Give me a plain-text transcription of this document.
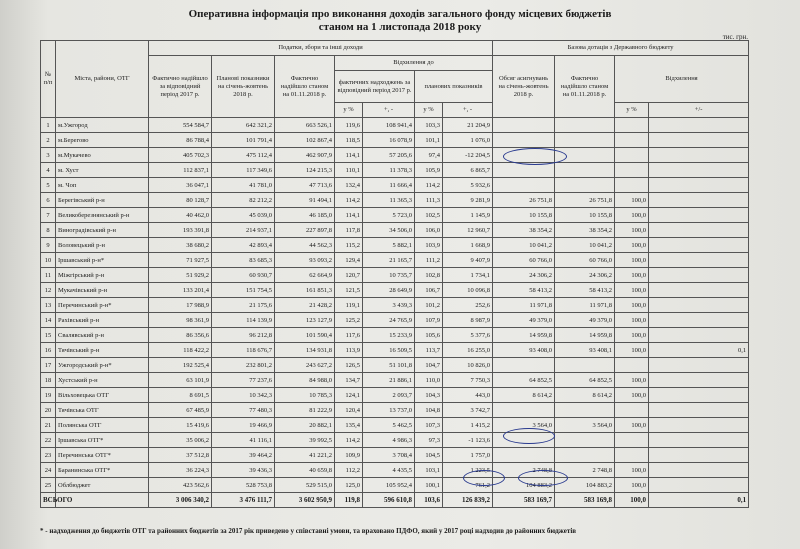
Оперативна інформація про виконання доходів загального фонду місцевих бюджетів
станом на 1 листопада 2018 року
тис. грн.
№ п/п	Міста, райони, ОТГ	Податки, збори та інші доходи							Базова дотація з Державного бюджету			
		Фактично надійшло за відповідний період 2017 р.	Планові показники на січень-жовтень 2018 р.	Фактично надійшло станом на 01.11.2018 р.	Відхилення до				Обсяг асигнувань на січень-жовтень 2018 р.	Фактично надійшло станом на 01.11.2018 р.	Відхилення	
					фактичних надходжень за відповідний період 2017 р.		планових показників					
					у %	+, -	у %	+, -			у %	+/-
1	м.Ужгород	554 584,7	642 321,2	663 526,1	119,6	108 941,4	103,3	21 204,9				
2	м.Берегово	86 788,4	101 791,4	102 867,4	118,5	16 078,9	101,1	1 076,0				
3	м.Мукачево	405 702,3	475 112,4	462 907,9	114,1	57 205,6	97,4	-12 204,5				
4	м. Хуст	112 837,1	117 349,6	124 215,3	110,1	11 378,3	105,9	6 865,7				
5	м. Чоп	36 047,1	41 781,0	47 713,6	132,4	11 666,4	114,2	5 932,6				
6	Берегівський р-н	80 128,7	82 212,2	91 494,1	114,2	11 365,3	111,3	9 281,9	26 751,8	26 751,8	100,0	
7	Великоберезнянський р-н	40 462,0	45 039,0	46 185,0	114,1	5 723,0	102,5	1 145,9	10 155,8	10 155,8	100,0	
8	Виноградівський р-н	193 391,8	214 937,1	227 897,8	117,8	34 506,0	106,0	12 960,7	38 354,2	38 354,2	100,0	
9	Воловецький р-н	38 680,2	42 893,4	44 562,3	115,2	5 882,1	103,9	1 668,9	10 041,2	10 041,2	100,0	
10	Іршавський р-н*	71 927,5	83 685,3	93 093,2	129,4	21 165,7	111,2	9 407,9	60 766,0	60 766,0	100,0	
11	Міжгірський р-н	51 929,2	60 930,7	62 664,9	120,7	10 735,7	102,8	1 734,1	24 306,2	24 306,2	100,0	
12	Мукачівський р-н	133 201,4	151 754,5	161 851,3	121,5	28 649,9	106,7	10 096,8	58 413,2	58 413,2	100,0	
13	Перечинський р-н*	17 988,9	21 175,6	21 428,2	119,1	3 439,3	101,2	252,6	11 971,8	11 971,8	100,0	
14	Рахівський р-н	98 361,9	114 139,9	123 127,9	125,2	24 765,9	107,9	8 987,9	49 379,0	49 379,0	100,0	
15	Свалявський р-н	86 356,6	96 212,8	101 590,4	117,6	15 233,9	105,6	5 377,6	14 959,8	14 959,8	100,0	
16	Тячівський р-н	118 422,2	118 676,7	134 931,8	113,9	16 509,5	113,7	16 255,0	93 408,0	93 408,1	100,0	0,1
17	Ужгородський р-н*	192 525,4	232 801,2	243 627,2	126,5	51 101,8	104,7	10 826,0				
18	Хустський р-н	63 101,9	77 237,6	84 988,0	134,7	21 886,1	110,0	7 750,3	64 852,5	64 852,5	100,0	
19	Вільховецька ОТГ	8 691,5	10 342,3	10 785,3	124,1	2 093,7	104,3	443,0	8 614,2	8 614,2	100,0	
20	Тячівська ОТГ	67 485,9	77 480,3	81 222,9	120,4	13 737,0	104,8	3 742,7				
21	Полянська ОТГ	15 419,6	19 466,9	20 882,1	135,4	5 462,5	107,3	1 415,2	3 564,0	3 564,0	100,0	
22	Іршавська ОТГ*	35 006,2	41 116,1	39 992,5	114,2	4 986,3	97,3	-1 123,6				
23	Перечинська ОТГ*	37 512,8	39 464,2	41 221,2	109,9	3 708,4	104,5	1 757,0				
24	Баранинська ОТГ*	36 224,3	39 436,3	40 659,8	112,2	4 435,5	103,1	1 223,5	2 748,8	2 748,8	100,0	
25	Облбюджет	423 562,6	528 753,8	529 515,0	125,0	105 952,4	100,1	761,2	104 883,2	104 883,2	100,0	
ВСЬОГО		3 006 340,2	3 476 111,7	3 602 950,9	119,8	596 610,8	103,6	126 839,2	583 169,7	583 169,8	100,0	0,1
* - надходження до бюджетів ОТГ та районних бюджетів за 2017 рік приведено у співставні умови, та враховано ПДФО, який у 2017 році надходив до районних бюджетів
